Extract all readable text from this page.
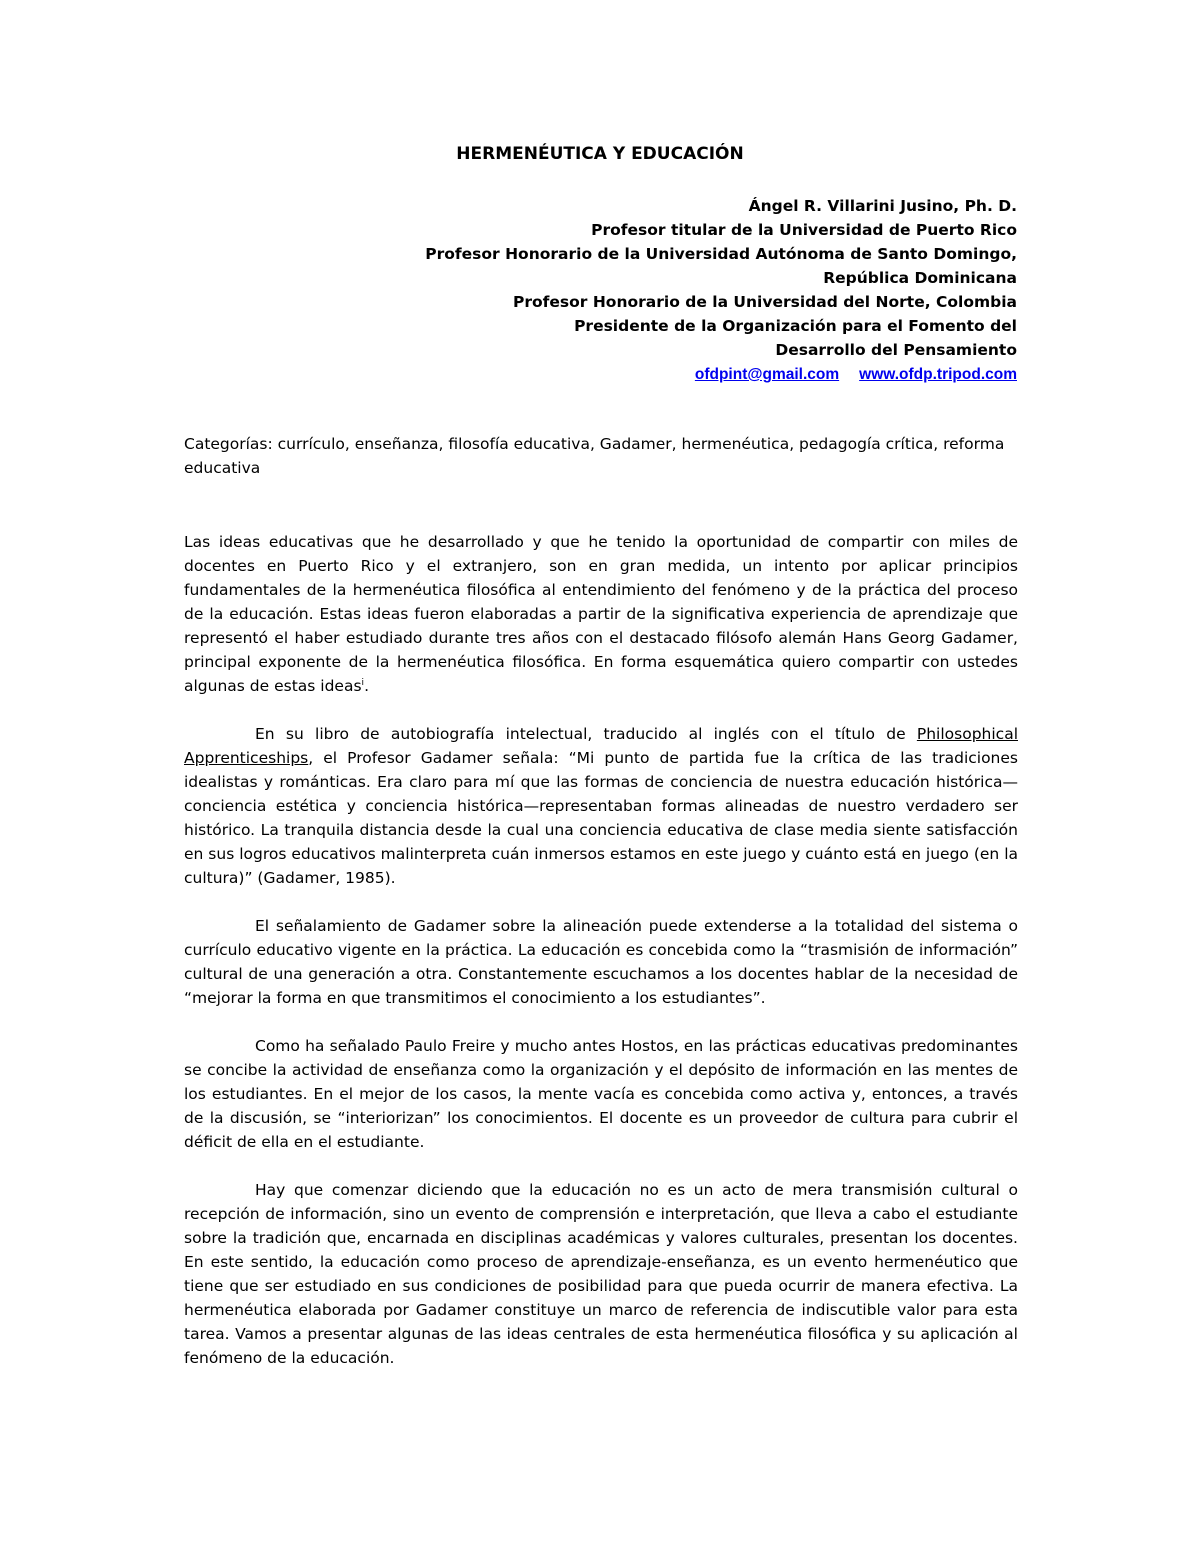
HERMENÉUTICA Y EDUCACIÓN
Ángel R. Villarini Jusino, Ph. D.
Profesor titular de la Universidad de Puerto Rico
Profesor Honorario de la Universidad Autónoma de Santo Domingo,
República Dominicana
Profesor Honorario de la Universidad del Norte, Colombia
Presidente de la Organización para el Fomento del
Desarrollo del Pensamiento
ofdpint@gmail.com www.ofdp.tripod.com
Categorías: currículo, enseñanza, filosofía educativa, Gadamer, hermenéutica, pedagogía crítica, reforma educativa

Las ideas educativas que he desarrollado y que he tenido la oportunidad de compartir con miles de docentes en Puerto Rico y el extranjero, son en gran medida, un intento por aplicar principios fundamentales de la hermenéutica filosófica al entendimiento del fenómeno y de la práctica del proceso de la educación. Estas ideas fueron elaboradas a partir de la significativa experiencia de aprendizaje que representó el haber estudiado durante tres años con el destacado filósofo alemán Hans Georg Gadamer, principal exponente de la hermenéutica filosófica. En forma esquemática quiero compartir con ustedes algunas de estas ideas$^i$.

En su libro de autobiografía intelectual, traducido al inglés con el título de Philosophical Apprenticeships, el Profesor Gadamer señala: “Mi punto de partida fue la crítica de las tradiciones idealistas y románticas. Era claro para mí que las formas de conciencia de nuestra educación histórica—conciencia estética y conciencia histórica—representaban formas alineadas de nuestro verdadero ser histórico. La tranquila distancia desde la cual una conciencia educativa de clase media siente satisfacción en sus logros educativos malinterpreta cuán inmersos estamos en este juego y cuánto está en juego (en la cultura)” (Gadamer, 1985).

El señalamiento de Gadamer sobre la alineación puede extenderse a la totalidad del sistema o currículo educativo vigente en la práctica. La educación es concebida como la “trasmisión de información” cultural de una generación a otra. Constantemente escuchamos a los docentes hablar de la necesidad de “mejorar la forma en que transmitimos el conocimiento a los estudiantes”.

Como ha señalado Paulo Freire y mucho antes Hostos, en las prácticas educativas predominantes se concibe la actividad de enseñanza como la organización y el depósito de información en las mentes de los estudiantes. En el mejor de los casos, la mente vacía es concebida como activa y, entonces, a través de la discusión, se “interiorizan” los conocimientos. El docente es un proveedor de cultura para cubrir el déficit de ella en el estudiante.

Hay que comenzar diciendo que la educación no es un acto de mera transmisión cultural o recepción de información, sino un evento de comprensión e interpretación, que lleva a cabo el estudiante sobre la tradición que, encarnada en disciplinas académicas y valores culturales, presentan los docentes. En este sentido, la educación como proceso de aprendizaje-enseñanza, es un evento hermenéutico que tiene que ser estudiado en sus condiciones de posibilidad para que pueda ocurrir de manera efectiva. La hermenéutica elaborada por Gadamer constituye un marco de referencia de indiscutible valor para esta tarea. Vamos a presentar algunas de las ideas centrales de esta hermenéutica filosófica y su aplicación al fenómeno de la educación.
